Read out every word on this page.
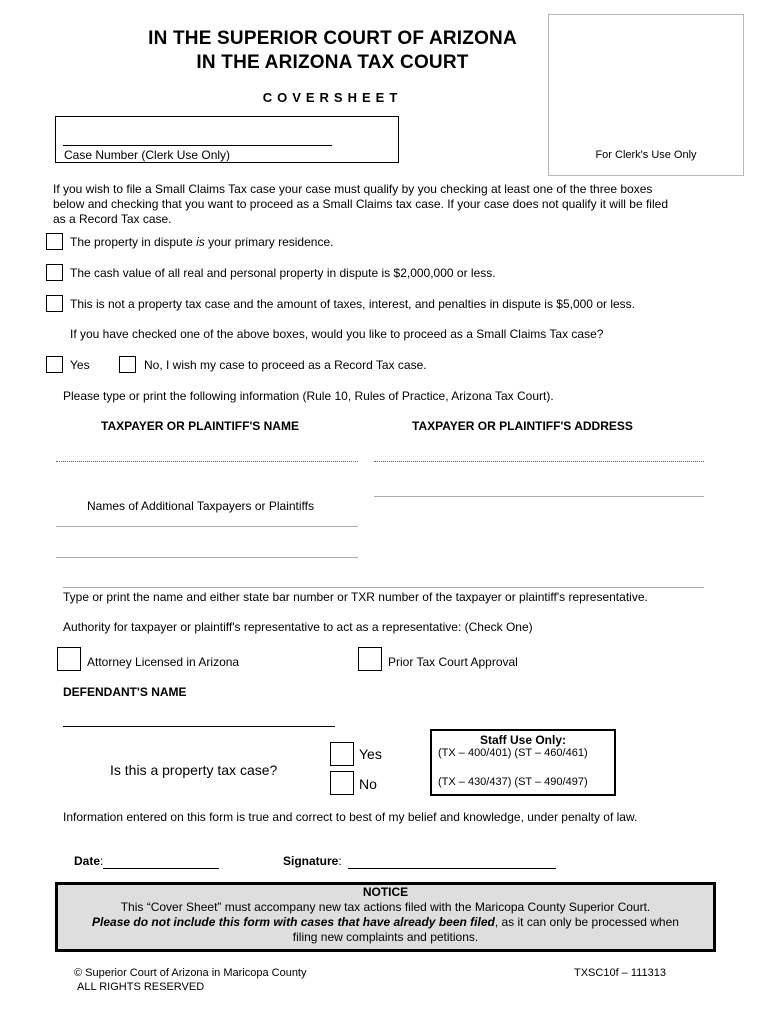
IN THE SUPERIOR COURT OF ARIZONA
IN THE ARIZONA TAX COURT
COVERSHEET
For Clerk's Use Only
Case Number (Clerk Use Only)
If you wish to file a Small Claims Tax case your case must qualify by you checking at least one of the three boxes
below and checking that you want to proceed as a Small Claims tax case. If your case does not qualify it will be filed
as a Record Tax case.
The property in dispute is your primary residence.
The cash value of all real and personal property in dispute is $2,000,000 or less.
This is not a property tax case and the amount of taxes, interest, and penalties in dispute is $5,000 or less.
If you have checked one of the above boxes, would you like to proceed as a Small Claims Tax case?
Yes	No, I wish my case to proceed as a Record Tax case.
Please type or print the following information (Rule 10, Rules of Practice, Arizona Tax Court).
TAXPAYER OR PLAINTIFF'S NAME	TAXPAYER OR PLAINTIFF'S ADDRESS
Names of Additional Taxpayers or Plaintiffs
Type or print the name and either state bar number or TXR number of the taxpayer or plaintiff's representative.
Authority for taxpayer or plaintiff's representative to act as a representative: (Check One)
Attorney Licensed in Arizona	Prior Tax Court Approval
DEFENDANT'S NAME
Is this a property tax case?
Yes
No
Staff Use Only:
(TX – 400/401) (ST – 460/461)
(TX – 430/437) (ST – 490/497)
Information entered on this form is true and correct to best of my belief and knowledge, under penalty of law.
Date:	Signature:
NOTICE
This “Cover Sheet” must accompany new tax actions filed with the Maricopa County Superior Court.
Please do not include this form with cases that have already been filed, as it can only be processed when
filing new complaints and petitions.
© Superior Court of Arizona in Maricopa County
ALL RIGHTS RESERVED
TXSC10f – 111313
